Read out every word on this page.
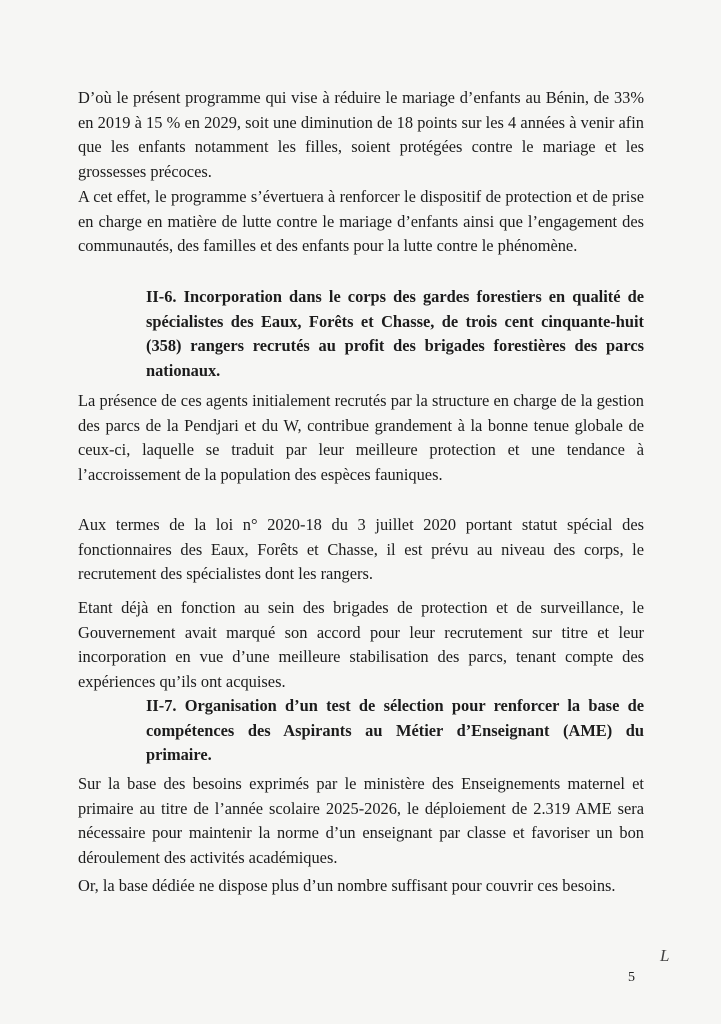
D’où le présent programme qui vise à réduire le mariage d’enfants au Bénin, de 33% en 2019 à 15 % en 2029, soit une diminution de 18 points sur les 4 années à venir afin que les enfants notamment les filles, soient protégées contre le mariage et les grossesses précoces.

A cet effet, le programme s’évertuera à renforcer le dispositif de protection et de prise en charge en matière de lutte contre le mariage d’enfants ainsi que l’engagement des communautés, des familles et des enfants pour la lutte contre le phénomène.

II-6. Incorporation dans le corps des gardes forestiers en qualité de spécialistes des Eaux, Forêts et Chasse, de trois cent cinquante-huit (358) rangers recrutés au profit des brigades forestières des parcs nationaux.

La présence de ces agents initialement recrutés par la structure en charge de la gestion des parcs de la Pendjari et du W, contribue grandement à la bonne tenue globale de ceux-ci, laquelle se traduit par leur meilleure protection et une tendance à l’accroissement de la population des espèces fauniques.

Aux termes de la loi n° 2020-18 du 3 juillet 2020 portant statut spécial des fonctionnaires des Eaux, Forêts et Chasse, il est prévu au niveau des corps, le recrutement des spécialistes dont les rangers.

Etant déjà en fonction au sein des brigades de protection et de surveillance, le Gouvernement avait marqué son accord pour leur recrutement sur titre et leur incorporation en vue d’une meilleure stabilisation des parcs, tenant compte des expériences qu’ils ont acquises.

II-7. Organisation d’un test de sélection pour renforcer la base de compétences des Aspirants au Métier d’Enseignant (AME) du primaire.

Sur la base des besoins exprimés par le ministère des Enseignements maternel et primaire au titre de l’année scolaire 2025-2026, le déploiement de 2.319 AME sera nécessaire pour maintenir la norme d’un enseignant par classe et favoriser un bon déroulement des activités académiques.

Or, la base dédiée ne dispose plus d’un nombre suffisant pour couvrir ces besoins.

L
5
